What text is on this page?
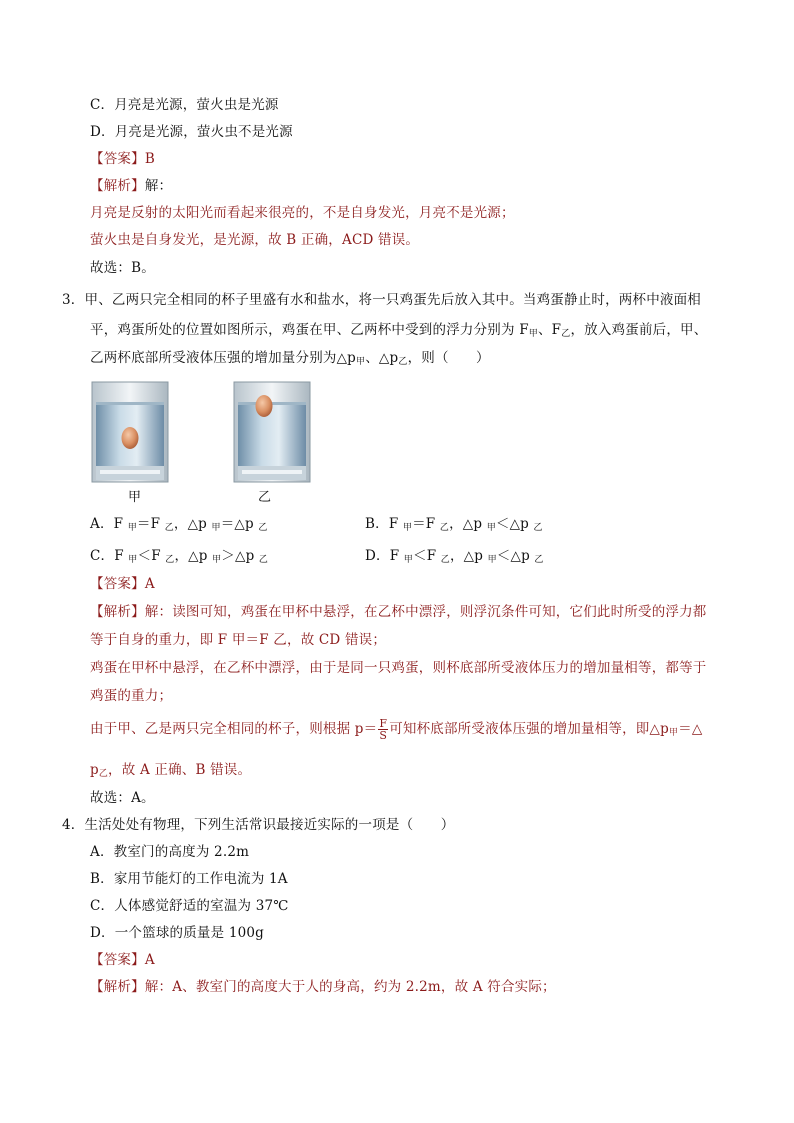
C．月亮是光源，萤火虫是光源
D．月亮是光源，萤火虫不是光源
【答案】B
【解析】解：
月亮是反射的太阳光而看起来很亮的，不是自身发光，月亮不是光源；
萤火虫是自身发光，是光源，故 B 正确，ACD 错误。
故选：B。
3．甲、乙两只完全相同的杯子里盛有水和盐水，将一只鸡蛋先后放入其中。当鸡蛋静止时，两杯中液面相
平，鸡蛋所处的位置如图所示，鸡蛋在甲、乙两杯中受到的浮力分别为 $F_甲$、$F_乙$，放入鸡蛋前后，甲、
乙两杯底部所受液体压强的增加量分别为$\triangle p_甲$、$\triangle p_乙$，则（　　）
甲	乙
A．F $_甲$＝F $_乙$，△p $_甲$＝△p $_乙$	B．F $_甲$＝F $_乙$，△p $_甲$＜△p $_乙$
C．F $_甲$＜F $_乙$，△p $_甲$＞△p $_乙$	D．F $_甲$＜F $_乙$，△p $_甲$＜△p $_乙$
【答案】A
【解析】解：读图可知，鸡蛋在甲杯中悬浮，在乙杯中漂浮，则浮沉条件可知，它们此时所受的浮力都
等于自身的重力，即 F 甲＝F 乙，故 CD 错误；
鸡蛋在甲杯中悬浮，在乙杯中漂浮，由于是同一只鸡蛋，则杯底部所受液体压力的增加量相等，都等于
鸡蛋的重力；
由于甲、乙是两只完全相同的杯子，则根据 $p= \frac{F}{S}$ 可知杯底部所受液体压强的增加量相等，即$\triangle p_甲=\triangle$
$p_乙$，故 A 正确、B 错误。
故选：A。
4．生活处处有物理，下列生活常识最接近实际的一项是（　　）
A．教室门的高度为 2.2m
B．家用节能灯的工作电流为 1A
C．人体感觉舒适的室温为 37℃
D．一个篮球的质量是 100g
【答案】A
【解析】解：A、教室门的高度大于人的身高，约为 2.2m，故 A 符合实际；
